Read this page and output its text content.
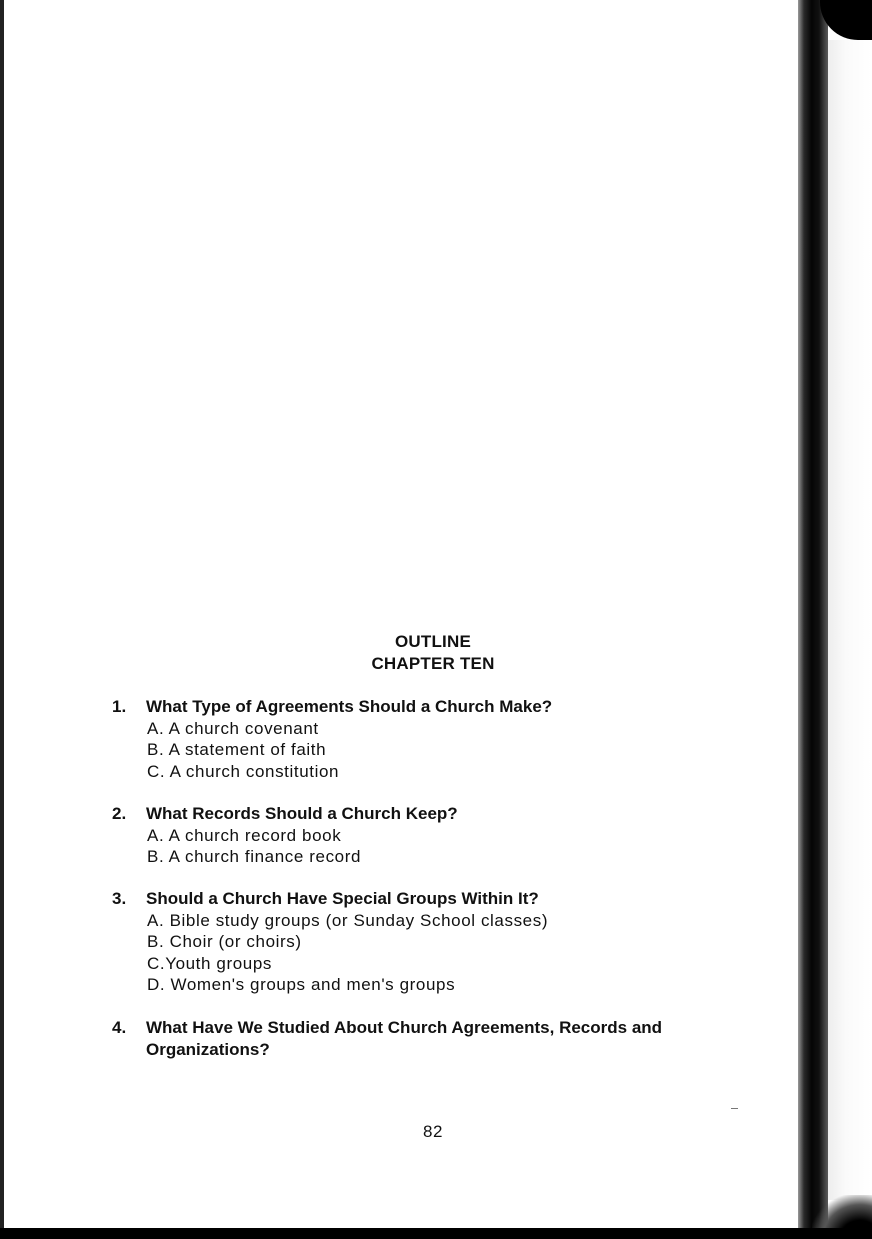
OUTLINE
CHAPTER TEN
1. What Type of Agreements Should a Church Make?
A. A church covenant
B. A statement of faith
C. A church constitution
2. What Records Should a Church Keep?
A. A church record book
B. A church finance record
3. Should a Church Have Special Groups Within It?
A. Bible study groups (or Sunday School classes)
B. Choir (or choirs)
C.Youth groups
D. Women's groups and men's groups
4. What Have We Studied About Church Agreements, Records and
Organizations?
82
